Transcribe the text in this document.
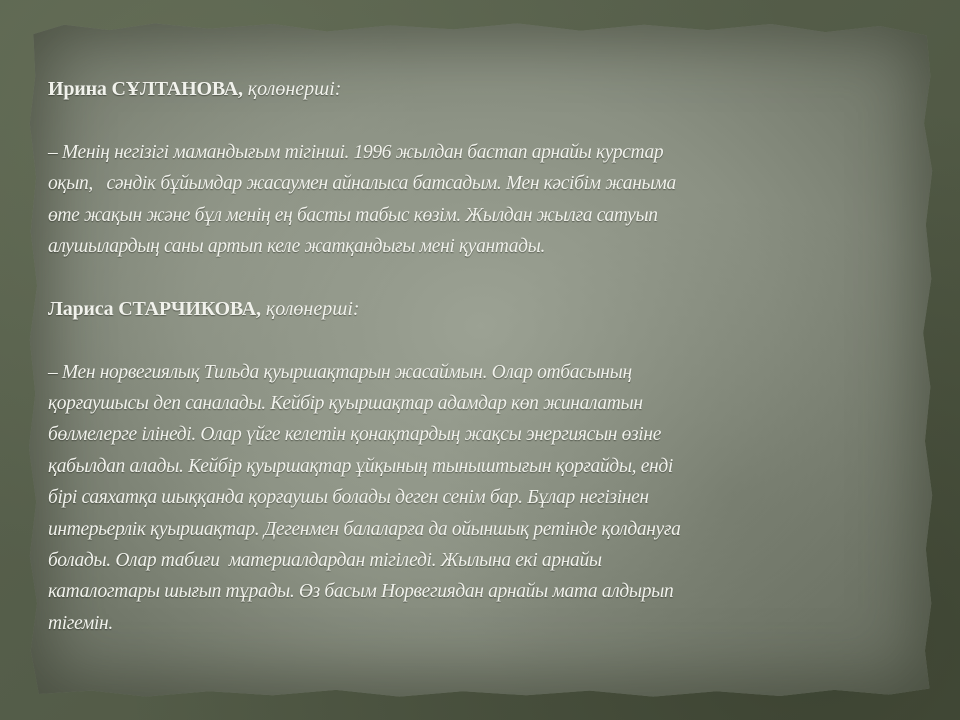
Ирина СҰЛТАНОВА, қолөнерші:

– Менің негізігі мамандығым тігінші. 1996 жылдан бастап арнайы курстар

оқып,   сәндік бұйымдар жасаумен айналыса батсадым. Мен кәсібім жаныма

өте жақын және бұл менің ең басты табыс көзім. Жылдан жылға сатуып

алушылардың саны артып келе жатқандығы мені қуантады.

Лариса СТАРЧИКОВА, қолөнерші:

– Мен норвегиялық Тильда қуыршақтарын жасаймын. Олар отбасының

қорғаушысы деп саналады. Кейбір қуыршақтар адамдар көп жиналатын

бөлмелерге ілінеді. Олар үйге келетін қонақтардың жақсы энергиясын өзіне

қабылдап алады. Кейбір қуыршақтар ұйқының тыныштығын қорғайды, енді

бірі саяхатқа шыққанда қорғаушы болады деген сенім бар. Бұлар негізінен

интерьерлік қуыршақтар. Дегенмен балаларға да ойыншық ретінде қолдануға

болады. Олар табиғи  материалдардан тігіледі. Жылына екі арнайы

каталогтары шығып тұрады. Өз басым Норвегиядан арнайы мата алдырып

тігемін.
